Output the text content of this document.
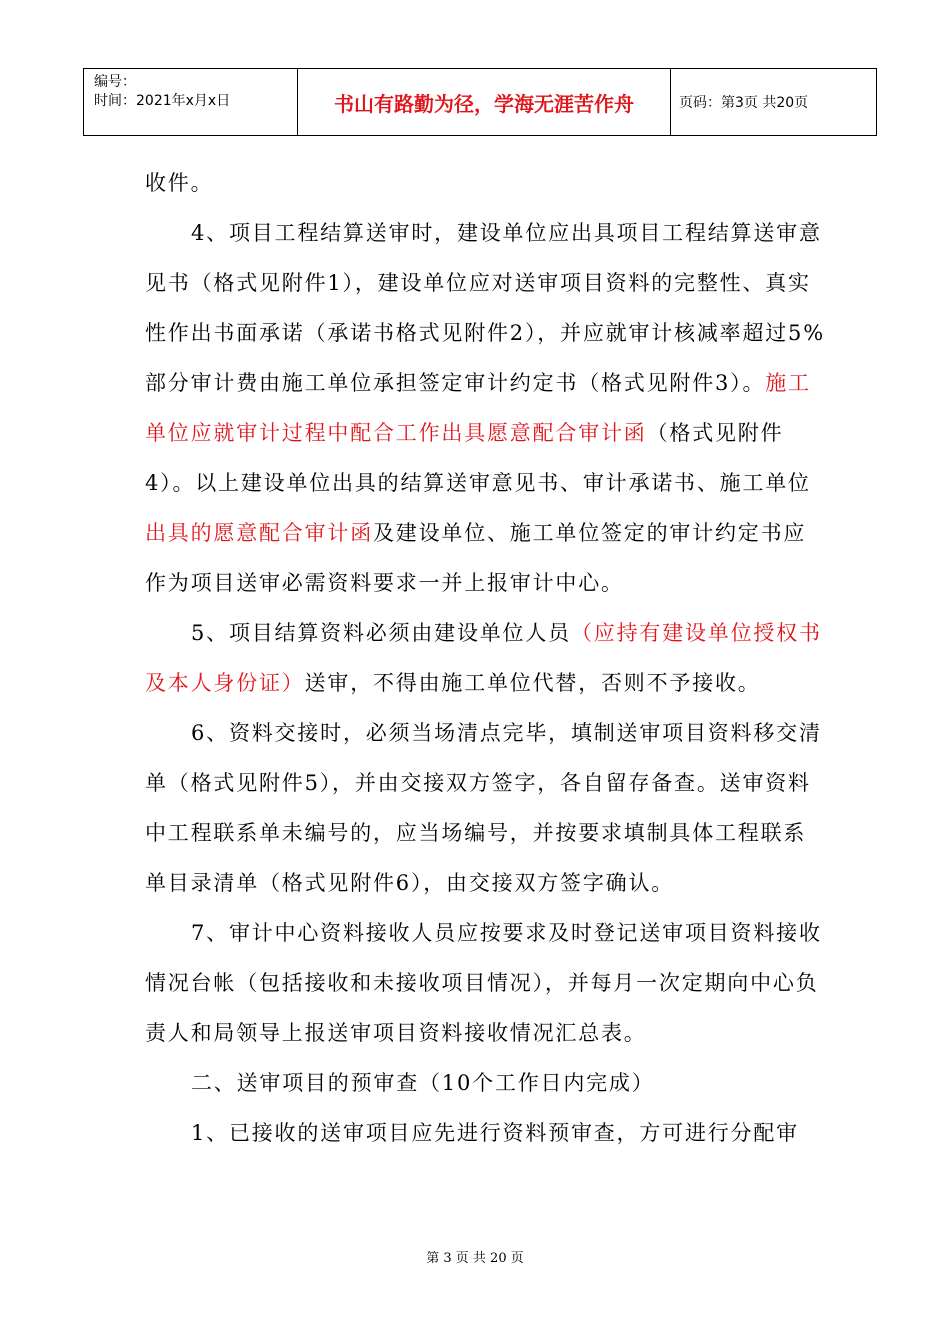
编号：
时间：2021年x月x日	书山有路勤为径，学海无涯苦作舟	页码：第3页 共20页

收件。

4、项目工程结算送审时，建设单位应出具项目工程结算送审意见书（格式见附件1），建设单位应对送审项目资料的完整性、真实性作出书面承诺（承诺书格式见附件2），并应就审计核减率超过5%部分审计费由施工单位承担签定审计约定书（格式见附件3）。施工单位应就审计过程中配合工作出具愿意配合审计函（格式见附件4）。以上建设单位出具的结算送审意见书、审计承诺书、施工单位出具的愿意配合审计函及建设单位、施工单位签定的审计约定书应作为项目送审必需资料要求一并上报审计中心。

5、项目结算资料必须由建设单位人员（应持有建设单位授权书及本人身份证）送审，不得由施工单位代替，否则不予接收。

6、资料交接时，必须当场清点完毕，填制送审项目资料移交清单（格式见附件5），并由交接双方签字，各自留存备查。送审资料中工程联系单未编号的，应当场编号，并按要求填制具体工程联系单目录清单（格式见附件6），由交接双方签字确认。

7、审计中心资料接收人员应按要求及时登记送审项目资料接收情况台帐（包括接收和未接收项目情况），并每月一次定期向中心负责人和局领导上报送审项目资料接收情况汇总表。

二、送审项目的预审查（10个工作日内完成）

1、已接收的送审项目应先进行资料预审查，方可进行分配审

第 3 页 共 20 页
